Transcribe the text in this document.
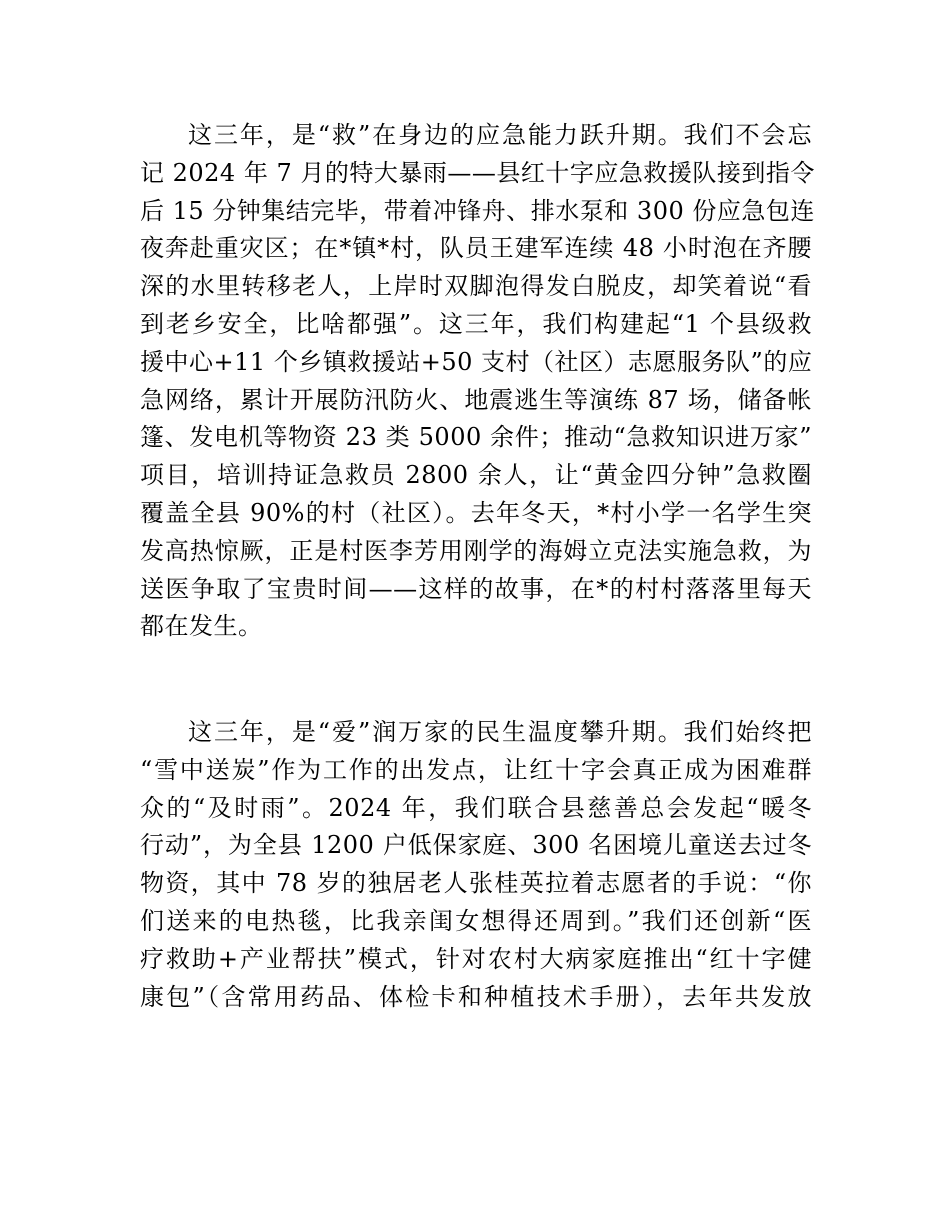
这三年，是“救”在身边的应急能力跃升期。我们不会忘
记 2024 年 7 月的特大暴雨——县红十字应急救援队接到指令
后 15 分钟集结完毕，带着冲锋舟、排水泵和 300 份应急包连
夜奔赴重灾区；在*镇*村，队员王建军连续 48 小时泡在齐腰
深的水里转移老人，上岸时双脚泡得发白脱皮，却笑着说“看
到老乡安全，比啥都强”。这三年，我们构建起“1 个县级救
援中心+11 个乡镇救援站+50 支村（社区）志愿服务队”的应
急网络，累计开展防汛防火、地震逃生等演练 87 场，储备帐
篷、发电机等物资 23 类 5000 余件；推动“急救知识进万家”
项目，培训持证急救员 2800 余人，让“黄金四分钟”急救圈
覆盖全县 90%的村（社区）。去年冬天，*村小学一名学生突
发高热惊厥，正是村医李芳用刚学的海姆立克法实施急救，为
送医争取了宝贵时间——这样的故事，在*的村村落落里每天
都在发生。
这三年，是“爱”润万家的民生温度攀升期。我们始终把
“雪中送炭”作为工作的出发点，让红十字会真正成为困难群
众的“及时雨”。2024 年，我们联合县慈善总会发起“暖冬
行动”，为全县 1200 户低保家庭、300 名困境儿童送去过冬
物资，其中 78 岁的独居老人张桂英拉着志愿者的手说：“你
们送来的电热毯，比我亲闺女想得还周到。”我们还创新“医
疗救助+产业帮扶”模式，针对农村大病家庭推出“红十字健
康包”（含常用药品、体检卡和种植技术手册），去年共发放
